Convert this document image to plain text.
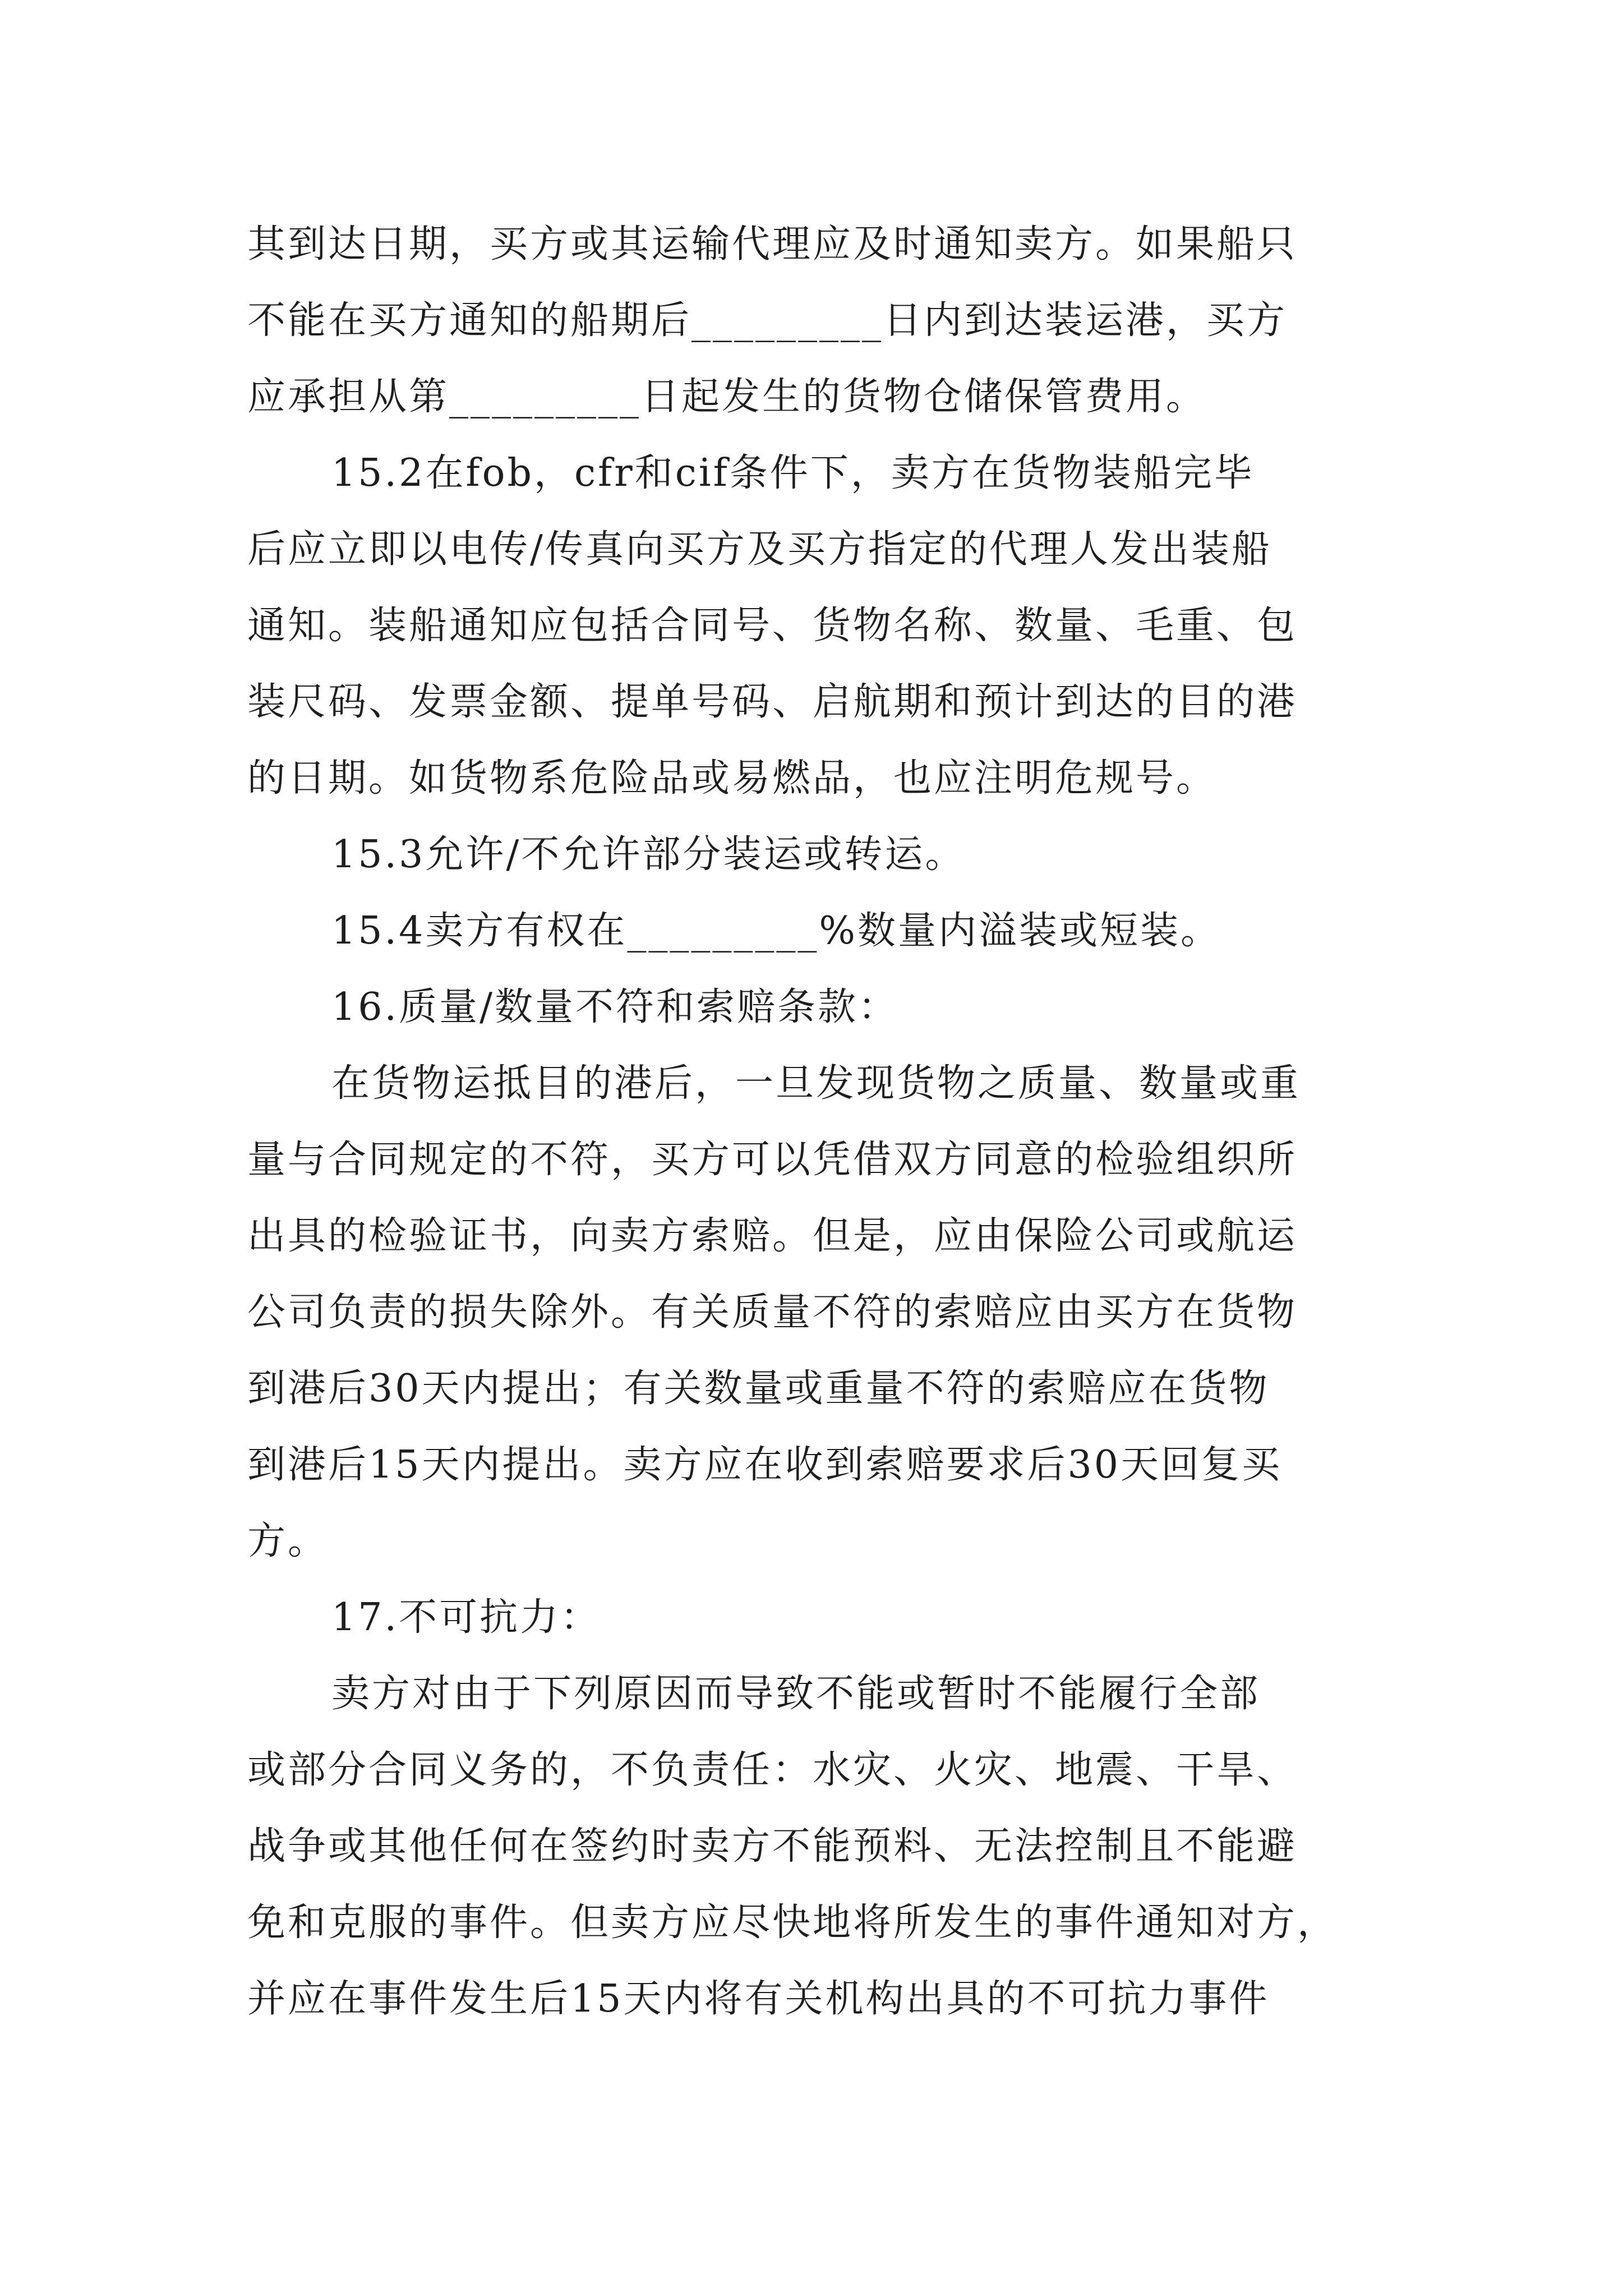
其到达日期，买方或其运输代理应及时通知卖方。如果船只
不能在买方通知的船期后_________日内到达装运港，买方
应承担从第_________日起发生的货物仓储保管费用。
15.2在fob，cfr和cif条件下，卖方在货物装船完毕
后应立即以电传/传真向买方及买方指定的代理人发出装船
通知。装船通知应包括合同号、货物名称、数量、毛重、包
装尺码、发票金额、提单号码、启航期和预计到达的目的港
的日期。如货物系危险品或易燃品，也应注明危规号。
15.3允许/不允许部分装运或转运。
15.4卖方有权在_________%数量内溢装或短装。
16.质量/数量不符和索赔条款：
在货物运抵目的港后，一旦发现货物之质量、数量或重
量与合同规定的不符，买方可以凭借双方同意的检验组织所
出具的检验证书，向卖方索赔。但是，应由保险公司或航运
公司负责的损失除外。有关质量不符的索赔应由买方在货物
到港后30天内提出；有关数量或重量不符的索赔应在货物
到港后15天内提出。卖方应在收到索赔要求后30天回复买
方。
17.不可抗力：
卖方对由于下列原因而导致不能或暂时不能履行全部
或部分合同义务的，不负责任：水灾、火灾、地震、干旱、
战争或其他任何在签约时卖方不能预料、无法控制且不能避
免和克服的事件。但卖方应尽快地将所发生的事件通知对方，
并应在事件发生后15天内将有关机构出具的不可抗力事件
